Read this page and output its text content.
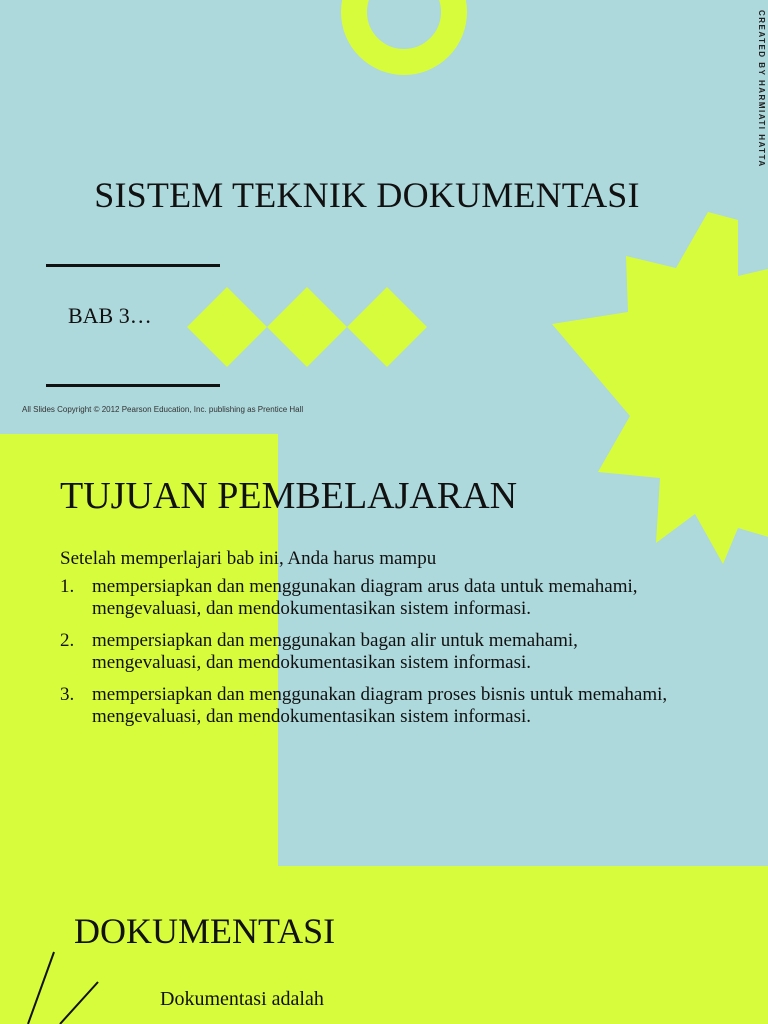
SISTEM TEKNIK DOKUMENTASI
BAB 3…
CREATED BY HARMIATI HATTA
All Slides Copyright © 2012 Pearson Education, Inc. publishing as Prentice Hall
TUJUAN PEMBELAJARAN
Setelah memperlajari bab ini, Anda harus mampu
1. mempersiapkan dan menggunakan diagram arus data untuk memahami, mengevaluasi, dan mendokumentasikan sistem informasi.
2. mempersiapkan dan menggunakan bagan alir untuk memahami, mengevaluasi, dan mendokumentasikan sistem informasi.
3. mempersiapkan dan menggunakan diagram proses bisnis untuk memahami, mengevaluasi, dan mendokumentasikan sistem informasi.
DOKUMENTASI
Dokumentasi adalah
